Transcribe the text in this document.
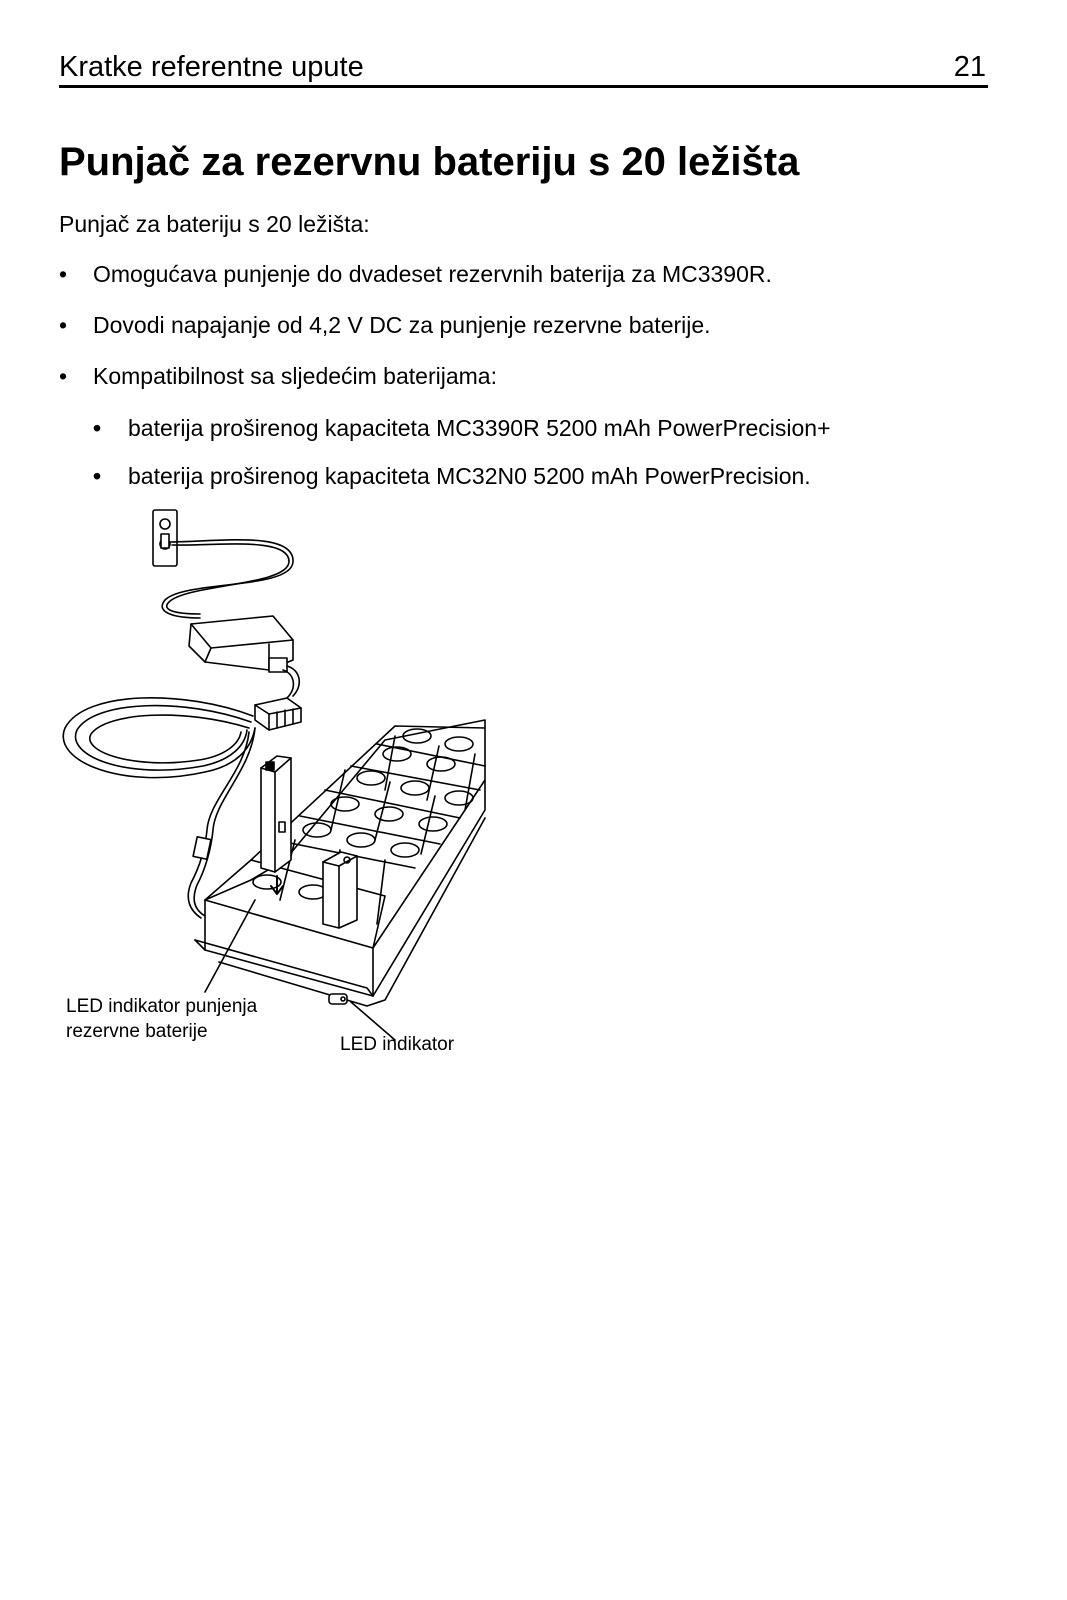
Kratke referentne upute	21
Punjač za rezervnu bateriju s 20 ležišta
Punjač za bateriju s 20 ležišta:
• Omogućava punjenje do dvadeset rezervnih baterija za MC3390R.
• Dovodi napajanje od 4,2 V DC za punjenje rezervne baterije.
• Kompatibilnost sa sljedećim baterijama:
• baterija proširenog kapaciteta MC3390R 5200 mAh PowerPrecision+
• baterija proširenog kapaciteta MC32N0 5200 mAh PowerPrecision.
LED indikator punjenja
rezervne baterije
LED indikator
